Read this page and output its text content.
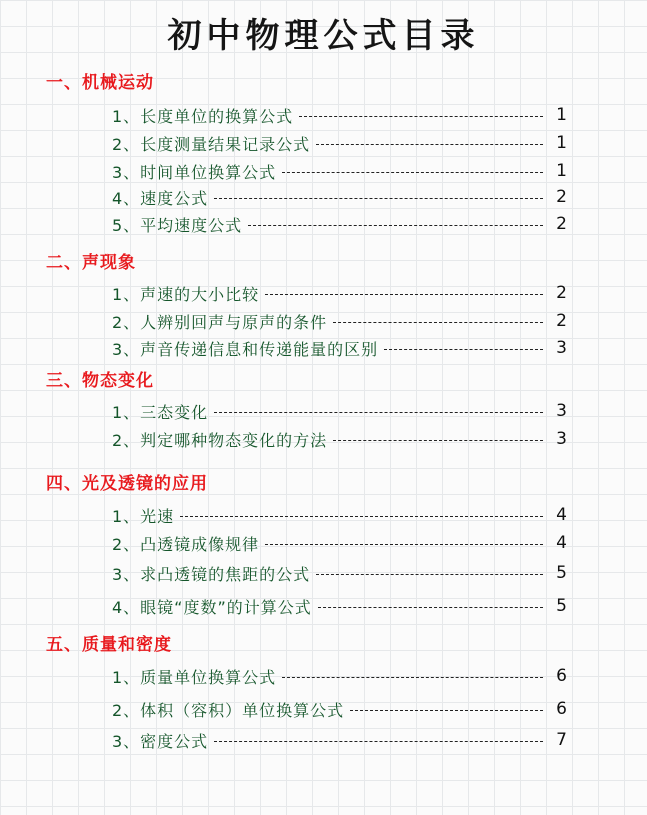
初中物理公式目录
一、机械运动
1、长度单位的换算公式	1
2、长度测量结果记录公式	1
3、时间单位换算公式	1
4、速度公式	2
5、平均速度公式	2
二、声现象
1、声速的大小比较	2
2、人辨别回声与原声的条件	2
3、声音传递信息和传递能量的区别	3
三、物态变化
1、三态变化	3
2、判定哪种物态变化的方法	3
四、光及透镜的应用
1、光速	4
2、凸透镜成像规律	4
3、求凸透镜的焦距的公式	5
4、眼镜“度数”的计算公式	5
五、质量和密度
1、质量单位换算公式	6
2、体积（容积）单位换算公式	6
3、密度公式	7
